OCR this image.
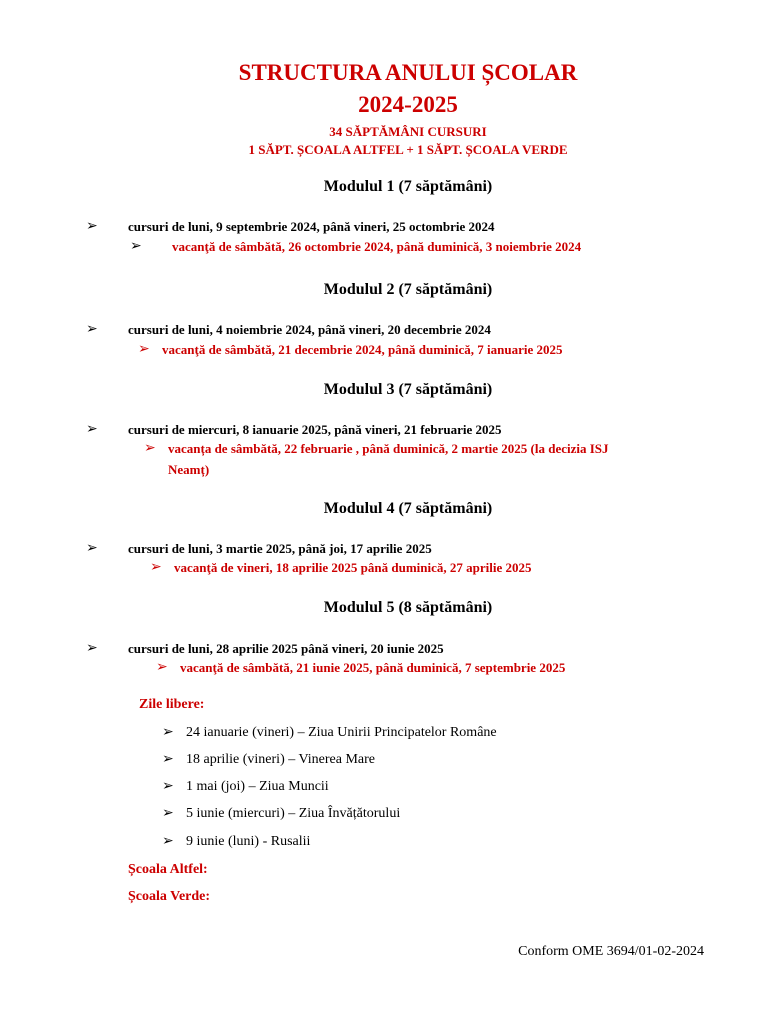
STRUCTURA ANULUI ȘCOLAR
2024-2025
34 SĂPTĂMÂNI CURSURI
1 SĂPT. ȘCOALA ALTFEL + 1 SĂPT. ȘCOALA VERDE
Modulul 1 (7 săptămâni)
➢ cursuri de luni, 9 septembrie 2024, până vineri, 25 octombrie 2024
➢ vacanţă de sâmbătă, 26 octombrie 2024, până duminică, 3 noiembrie 2024
Modulul 2 (7 săptămâni)
➢ cursuri de luni, 4 noiembrie 2024, până vineri, 20 decembrie 2024
➢ vacanţă de sâmbătă, 21 decembrie 2024, până duminică, 7 ianuarie 2025
Modulul 3 (7 săptămâni)
➢ cursuri de miercuri, 8 ianuarie 2025, până vineri, 21 februarie 2025
➢ vacanța de sâmbătă, 22 februarie , până duminică, 2 martie 2025 (la decizia ISJ
Neamț)
Modulul 4 (7 săptămâni)
➢ cursuri de luni, 3 martie 2025, până joi, 17 aprilie 2025
➢ vacanţă de vineri, 18 aprilie 2025 până duminică, 27 aprilie 2025
Modulul 5 (8 săptămâni)
➢ cursuri de luni, 28 aprilie 2025 până vineri, 20 iunie 2025
➢ vacanţă de sâmbătă, 21 iunie 2025, până duminică, 7 septembrie 2025
Zile libere:
➢ 24 ianuarie (vineri) – Ziua Unirii Principatelor Române
➢ 18 aprilie (vineri) – Vinerea Mare
➢ 1 mai (joi) – Ziua Muncii
➢ 5 iunie (miercuri) – Ziua Învățătorului
➢ 9 iunie (luni) - Rusalii
Școala Altfel:
Școala Verde:
Conform OME 3694/01-02-2024
